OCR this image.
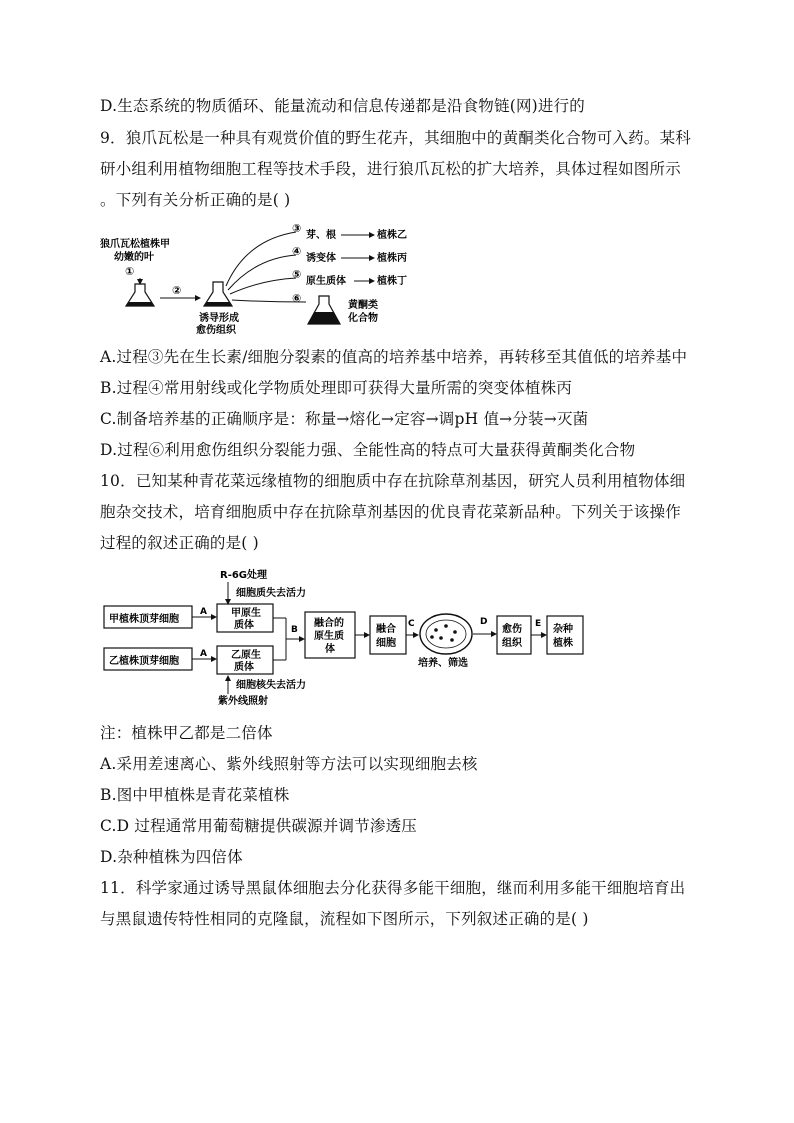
D.生态系统的物质循环、能量流动和信息传递都是沿食物链(网)进行的
9．狼爪瓦松是一种具有观赏价值的野生花卉，其细胞中的黄酮类化合物可入药。某科
研小组利用植物细胞工程等技术手段，进行狼爪瓦松的扩大培养，具体过程如图所示
。下列有关分析正确的是( )
狼爪瓦松植株甲
幼嫩的叶
①
②
诱导形成
愈伤组织
③
芽、根	植株乙
④
诱变体	植株丙
⑤
原生质体	植株丁
⑥
黄酮类
化合物
A.过程③先在生长素/细胞分裂素的值高的培养基中培养，再转移至其值低的培养基中
B.过程④常用射线或化学物质处理即可获得大量所需的突变体植株丙
C.制备培养基的正确顺序是：称量→熔化→定容→调pH 值→分装→灭菌
D.过程⑥利用愈伤组织分裂能力强、全能性高的特点可大量获得黄酮类化合物
10．已知某种青花菜远缘植物的细胞质中存在抗除草剂基因，研究人员利用植物体细
胞杂交技术，培育细胞质中存在抗除草剂基因的优良青花菜新品种。下列关于该操作
过程的叙述正确的是( )
R-6G处理
细胞质失去活力
甲植株顶芽细胞
A 甲原生
质体
乙植株顶芽细胞
A 乙原生
质体
细胞核失去活力
紫外线照射
B
融合的
原生质
体
融合
细胞
C
培养、筛选
D
愈伤
组织
E 杂种
植株
注：植株甲乙都是二倍体
A.采用差速离心、紫外线照射等方法可以实现细胞去核
B.图中甲植株是青花菜植株
C.D 过程通常用葡萄糖提供碳源并调节渗透压
D.杂种植株为四倍体
11．科学家通过诱导黑鼠体细胞去分化获得多能干细胞，继而利用多能干细胞培育出
与黑鼠遗传特性相同的克隆鼠，流程如下图所示，下列叙述正确的是( )
